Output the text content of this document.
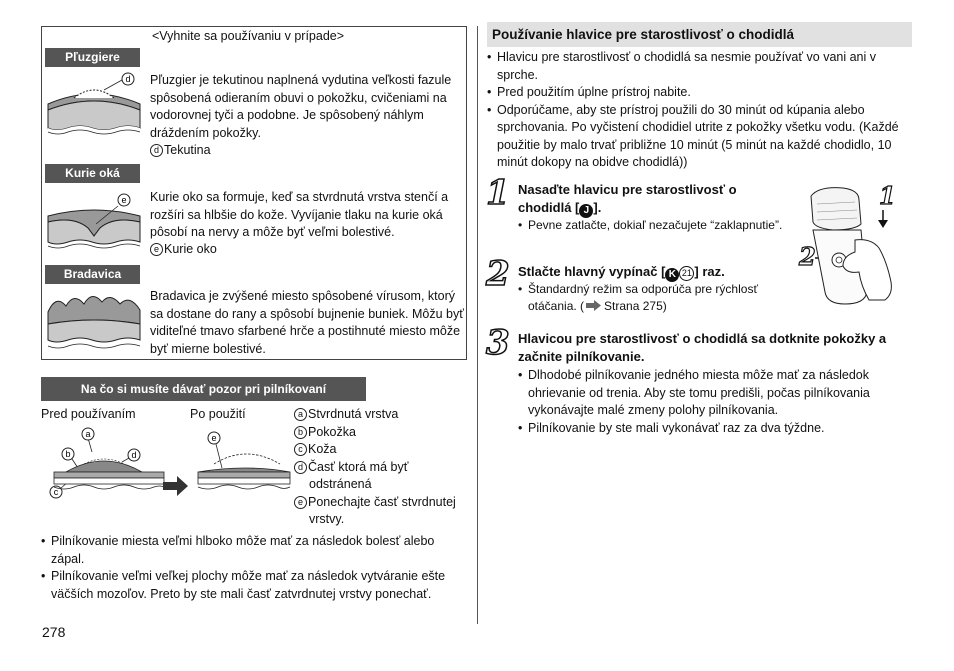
<Vyhnite sa používaniu v prípade>
Pľuzgiere
d Pľuzgier je tekutinou naplnená vydutina veľkosti fazule spôsobená odieraním obuvi o pokožku, cvičeniami na vodorovnej tyči a podobne. Je spôsobený náhlym dráždením pokožky.
d Tekutina
Kurie oká
e Kurie oko sa formuje, keď sa stvrdnutá vrstva stenčí a rozšíri sa hlbšie do kože. Vyvíjanie tlaku na kurie oká pôsobí na nervy a môže byť veľmi bolestivé.
e Kurie oko
Bradavica
Bradavica je zvýšené miesto spôsobené vírusom, ktorý sa dostane do rany a spôsobí bujnenie buniek. Môžu byť viditeľné tmavo sfarbené hrče a postihnuté miesto môže byť mierne bolestivé.
Na čo si musíte dávať pozor pri pilníkovaní
Pred používaním	Po použití
a
b	d
c
e
a Stvrdnutá vrstva
b Pokožka
c Koža
d Časť ktorá má byť odstránená
e Ponechajte časť stvrdnutej vrstvy.
• Pilníkovanie miesta veľmi hlboko môže mať za následok bolesť alebo zápal.
• Pilníkovanie veľmi veľkej plochy môže mať za následok vytváranie ešte väčších mozoľov. Preto by ste mali časť zatvrdnutej vrstvy ponechať.
278
Používanie hlavice pre starostlivosť o chodidlá
• Hlavicu pre starostlivosť o chodidlá sa nesmie používať vo vani ani v sprche.
• Pred použitím úplne prístroj nabite.
• Odporúčame, aby ste prístroj použili do 30 minút od kúpania alebo sprchovania. Po vyčistení chodidiel utrite z pokožky všetku vodu. (Každé použitie by malo trvať približne 10 minút (5 minút na každé chodidlo, 10 minút dokopy na obidve chodidlá))
1 Nasaďte hlavicu pre starostlivosť o chodidlá [ J ].
• Pevne zatlačte, dokiaľ nezačujete “zaklapnutie”.
2 Stlačte hlavný vypínač [ K 21 ] raz.
• Štandardný režim sa odporúča pre rýchlosť otáčania. ( Strana 275)
3 Hlavicou pre starostlivosť o chodidlá sa dotknite pokožky a začnite pilníkovanie.
• Dlhodobé pilníkovanie jedného miesta môže mať za následok ohrievanie od trenia. Aby ste tomu predišli, počas pilníkovania vykonávajte malé zmeny polohy pilníkovania.
• Pilníkovanie by ste mali vykonávať raz za dva týždne.
1
2
